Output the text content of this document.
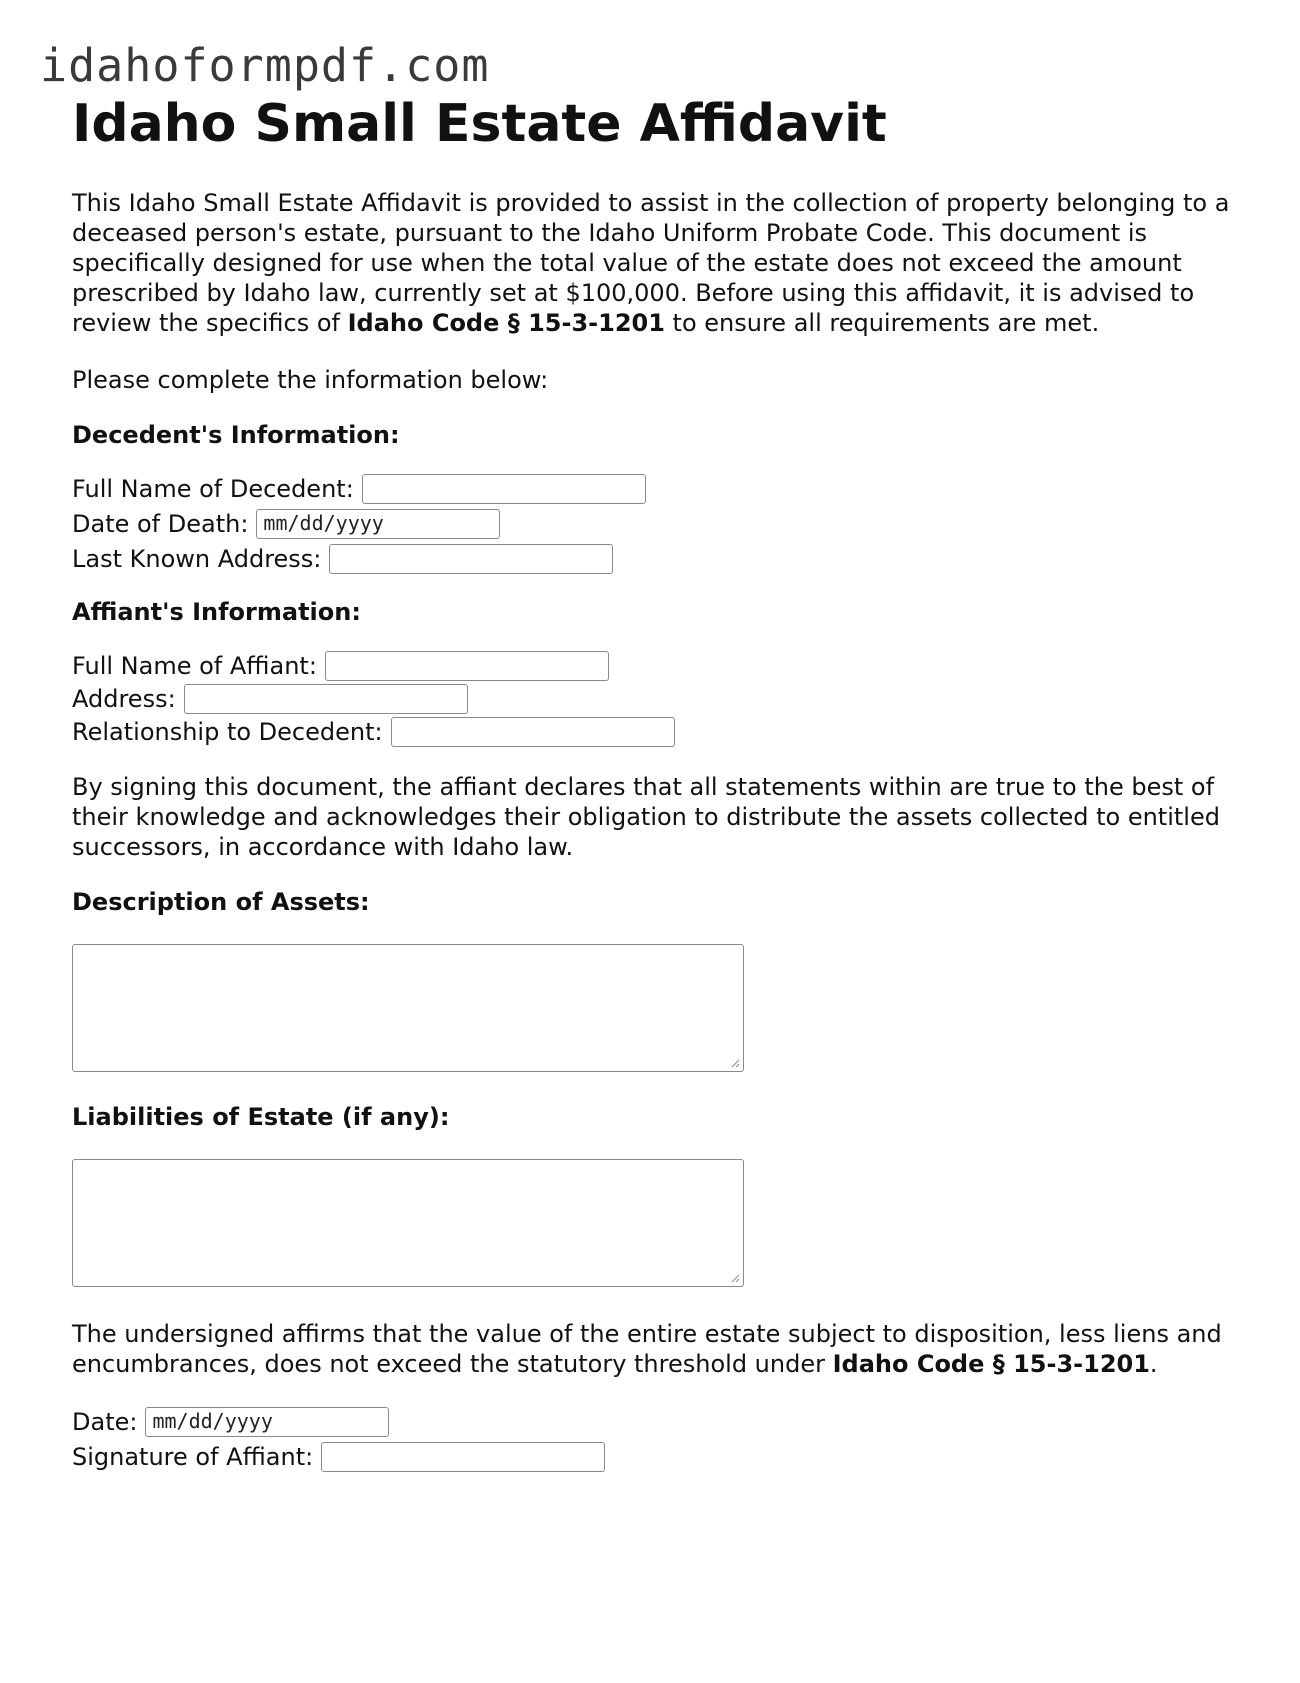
idahoformpdf.com
Idaho Small Estate Affidavit

This Idaho Small Estate Affidavit is provided to assist in the collection of property belonging to a deceased person's estate, pursuant to the Idaho Uniform Probate Code. This document is specifically designed for use when the total value of the estate does not exceed the amount prescribed by Idaho law, currently set at $100,000. Before using this affidavit, it is advised to review the specifics of Idaho Code § 15-3-1201 to ensure all requirements are met.

Please complete the information below:

Decedent's Information:
Full Name of Decedent:
Date of Death: mm/dd/yyyy
Last Known Address:
Affiant's Information:
Full Name of Affiant:
Address:
Relationship to Decedent:

By signing this document, the affiant declares that all statements within are true to the best of their knowledge and acknowledges their obligation to distribute the assets collected to entitled successors, in accordance with Idaho law.

Description of Assets:
Liabilities of Estate (if any):

The undersigned affirms that the value of the entire estate subject to disposition, less liens and encumbrances, does not exceed the statutory threshold under Idaho Code § 15-3-1201.

Date: mm/dd/yyyy
Signature of Affiant:
